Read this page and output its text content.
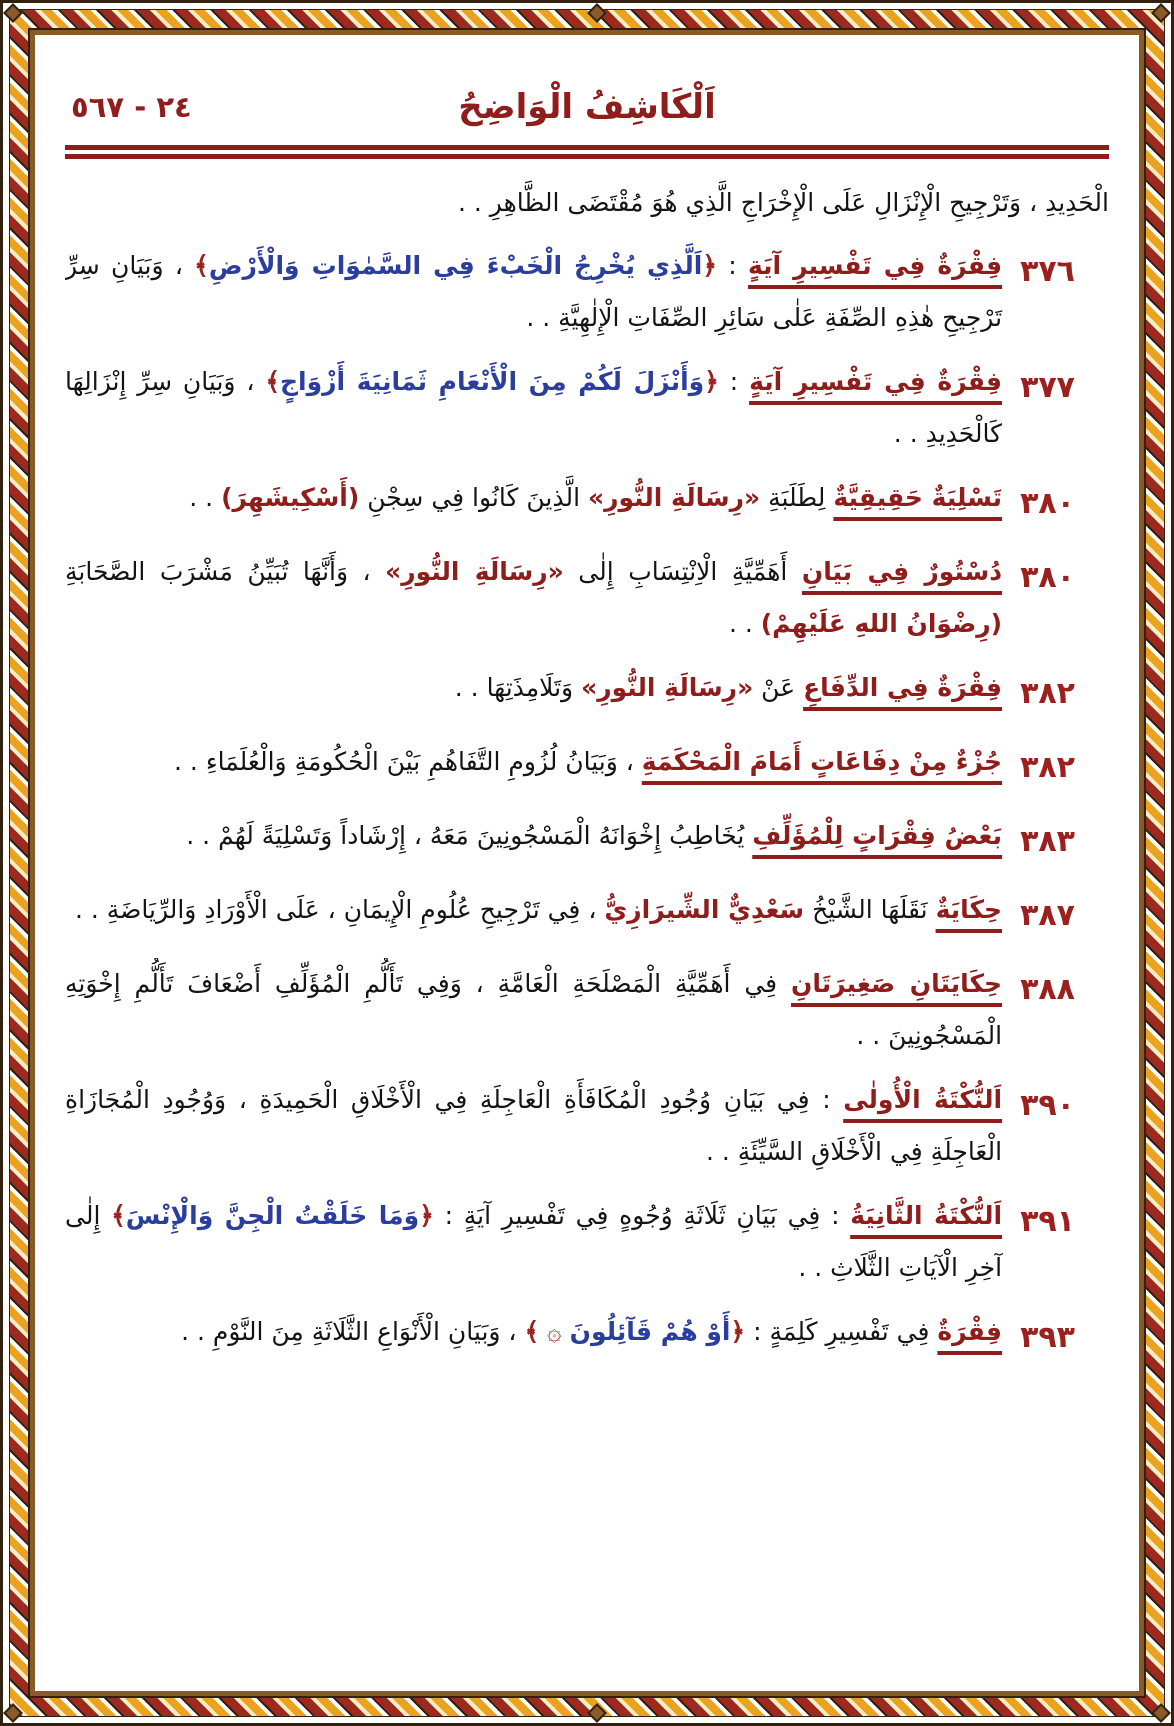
٢٤ - ٥٦٧	اَلْكَاشِفُ الْوَاضِحُ
الْحَدِيدِ ، وَتَرْجِيحِ الْإِنْزَالِ عَلَى الْإِخْرَاجِ الَّذِي هُوَ مُقْتَضَى الظَّاهِرِ . .
٣٧٦
فِقْرَةٌ فِي تَفْسِيرِ آيَةٍ : ﴿اَلَّذِي يُخْرِجُ الْخَبْءَ فِي السَّمٰوَاتِ وَالْأَرْضِ﴾ ، وَبَيَانِ سِرِّ تَرْجِيحِ هٰذِهِ الصِّفَةِ عَلٰى سَائِرِ الصِّفَاتِ الْإِلٰهِيَّةِ . .
٣٧٧
فِقْرَةٌ فِي تَفْسِيرِ آيَةٍ : ﴿وَأَنْزَلَ لَكُمْ مِنَ الْأَنْعَامِ ثَمَانِيَةَ أَزْوَاجٍ﴾ ، وَبَيَانِ سِرِّ إِنْزَالِهَا كَالْحَدِيدِ . .
٣٨٠
تَسْلِيَةٌ حَقِيقِيَّةٌ لِطَلَبَةِ «رِسَالَةِ النُّورِ» الَّذِينَ كَانُوا فِي سِجْنِ (أَسْكِيشَهِرَ) . .
٣٨٠
دُسْتُورٌ فِي بَيَانِ أَهَمِّيَّةِ الْاِنْتِسَابِ إِلٰى «رِسَالَةِ النُّورِ» ، وَأَنَّهَا تُبَيِّنُ مَشْرَبَ الصَّحَابَةِ (رِضْوَانُ اللهِ عَلَيْهِمْ) . .
٣٨٢
فِقْرَةٌ فِي الدِّفَاعِ عَنْ «رِسَالَةِ النُّورِ» وَتَلَامِذَتِهَا . .
٣٨٢
جُزْءٌ مِنْ دِفَاعَاتٍ أَمَامَ الْمَحْكَمَةِ ، وَبَيَانُ لُزُومِ التَّفَاهُمِ بَيْنَ الْحُكُومَةِ وَالْعُلَمَاءِ . .
٣٨٣
بَعْضُ فِقْرَاتٍ لِلْمُؤَلِّفِ يُخَاطِبُ إِخْوَانَهُ الْمَسْجُونِينَ مَعَهُ ، إِرْشَاداً وَتَسْلِيَةً لَهُمْ . .
٣٨٧
حِكَايَةٌ نَقَلَهَا الشَّيْخُ سَعْدِيٌّ الشِّيرَازِيُّ ، فِي تَرْجِيحِ عُلُومِ الْإِيمَانِ ، عَلَى الْأَوْرَادِ وَالرِّيَاضَةِ . .
٣٨٨
حِكَايَتَانِ صَغِيرَتَانِ فِي أَهَمِّيَّةِ الْمَصْلَحَةِ الْعَامَّةِ ، وَفِي تَأَلُّمِ الْمُؤَلِّفِ أَضْعَافَ تَأَلُّمِ إِخْوَتِهِ الْمَسْجُونِينَ . .
٣٩٠
اَلنُّكْتَةُ الْأُولٰى : فِي بَيَانِ وُجُودِ الْمُكَافَأَةِ الْعَاجِلَةِ فِي الْأَخْلَاقِ الْحَمِيدَةِ ، وَوُجُودِ الْمُجَازَاةِ الْعَاجِلَةِ فِي الْأَخْلَاقِ السَّيِّئَةِ . .
٣٩١
اَلنُّكْتَةُ الثَّانِيَةُ : فِي بَيَانِ ثَلَاثَةِ وُجُوهٍ فِي تَفْسِيرِ آيَةٍ : ﴿وَمَا خَلَقْتُ الْجِنَّ وَالْإِنْسَ﴾ إِلٰى آخِرِ الْآيَاتِ الثَّلَاثِ . .
٣٩٣
فِقْرَةٌ فِي تَفْسِيرِ كَلِمَةٍ : ﴿أَوْ هُمْ قَآئِلُونَ ۞ ﴾ ، وَبَيَانِ الْأَنْوَاعِ الثَّلَاثَةِ مِنَ النَّوْمِ . .
